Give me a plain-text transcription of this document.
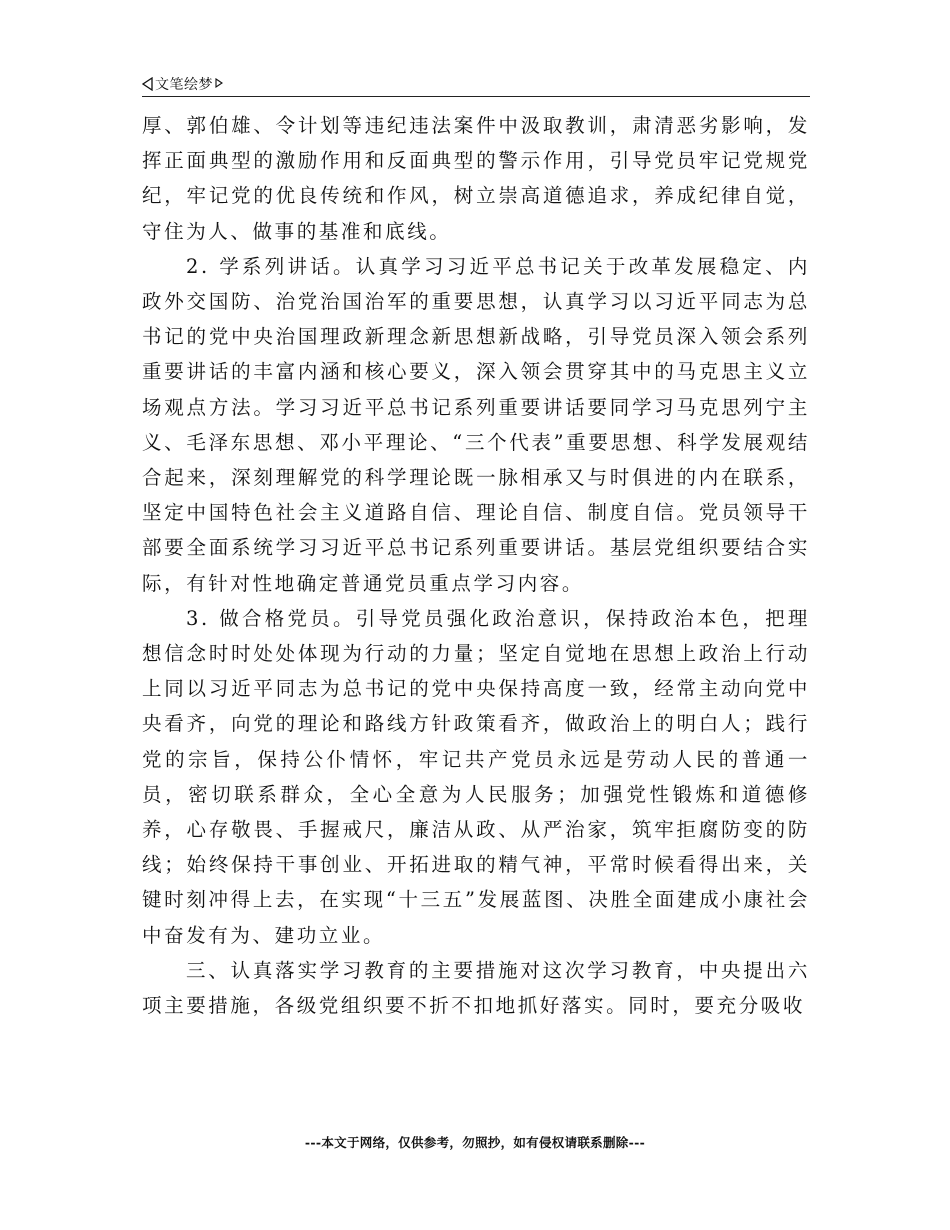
文笔绘梦

厚、郭伯雄、令计划等违纪违法案件中汲取教训，肃清恶劣影响，发挥正面典型的激励作用和反面典型的警示作用，引导党员牢记党规党纪，牢记党的优良传统和作风，树立崇高道德追求，养成纪律自觉，守住为人、做事的基准和底线。

2. 学系列讲话。认真学习习近平总书记关于改革发展稳定、内政外交国防、治党治国治军的重要思想，认真学习以习近平同志为总书记的党中央治国理政新理念新思想新战略，引导党员深入领会系列重要讲话的丰富内涵和核心要义，深入领会贯穿其中的马克思主义立场观点方法。学习习近平总书记系列重要讲话要同学习马克思列宁主义、毛泽东思想、邓小平理论、“三个代表”重要思想、科学发展观结合起来，深刻理解党的科学理论既一脉相承又与时俱进的内在联系，坚定中国特色社会主义道路自信、理论自信、制度自信。党员领导干部要全面系统学习习近平总书记系列重要讲话。基层党组织要结合实际，有针对性地确定普通党员重点学习内容。

3. 做合格党员。引导党员强化政治意识，保持政治本色，把理想信念时时处处体现为行动的力量；坚定自觉地在思想上政治上行动上同以习近平同志为总书记的党中央保持高度一致，经常主动向党中央看齐，向党的理论和路线方针政策看齐，做政治上的明白人；践行党的宗旨，保持公仆情怀，牢记共产党员永远是劳动人民的普通一员，密切联系群众，全心全意为人民服务；加强党性锻炼和道德修养，心存敬畏、手握戒尺，廉洁从政、从严治家，筑牢拒腐防变的防线；始终保持干事创业、开拓进取的精气神，平常时候看得出来，关键时刻冲得上去，在实现“十三五”发展蓝图、决胜全面建成小康社会中奋发有为、建功立业。

三、认真落实学习教育的主要措施对这次学习教育，中央提出六项主要措施，各级党组织要不折不扣地抓好落实。同时，要充分吸收

---本文于网络，仅供参考，勿照抄，如有侵权请联系删除---
